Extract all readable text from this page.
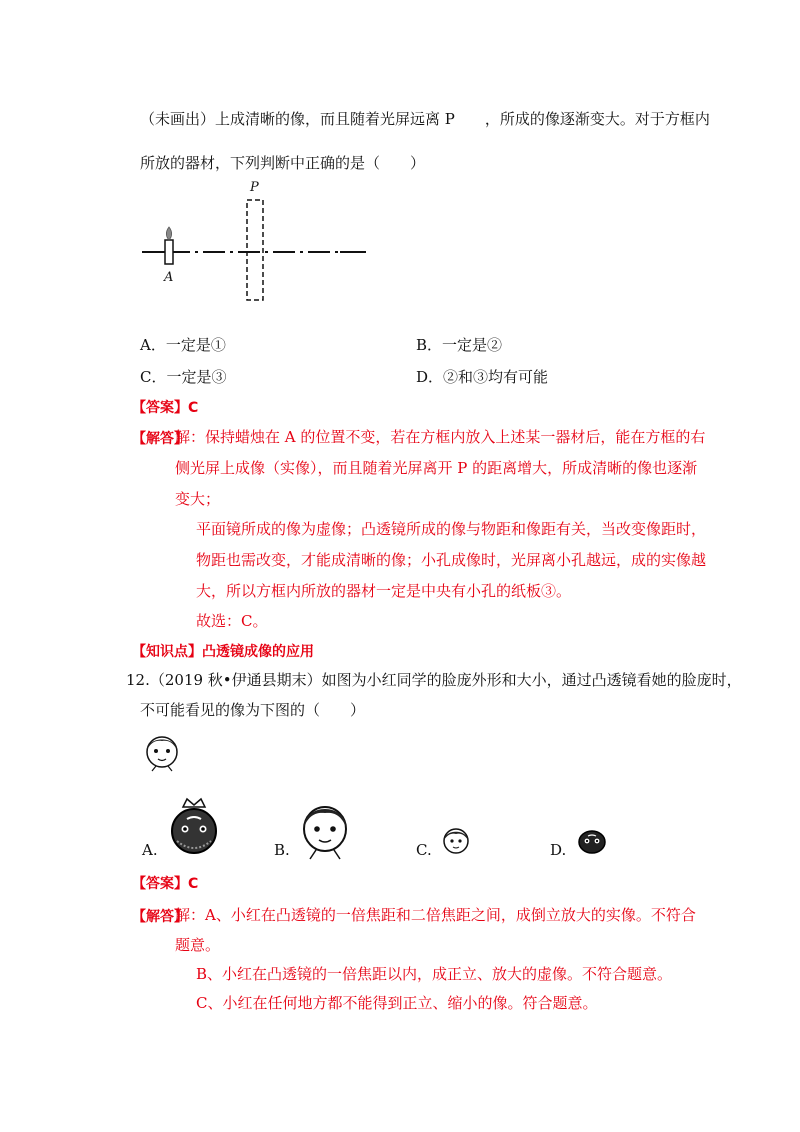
（未画出）上成清晰的像，而且随着光屏远离 P　　，所成的像逐渐变大。对于方框内
所放的器材，下列判断中正确的是（　　）
P
A
A．一定是①	B．一定是②
C．一定是③	D．②和③均有可能
【答案】C
【解答】
解：保持蜡烛在 A 的位置不变，若在方框内放入上述某一器材后，能在方框的右
侧光屏上成像（实像），而且随着光屏离开 P 的距离增大，所成清晰的像也逐渐
变大；
平面镜所成的像为虚像；凸透镜所成的像与物距和像距有关，当改变像距时，
物距也需改变，才能成清晰的像；小孔成像时，光屏离小孔越远，成的实像越
大，所以方框内所放的器材一定是中央有小孔的纸板③。
故选：C。
【知识点】凸透镜成像的应用
12.（2019 秋•伊通县期末）如图为小红同学的脸庞外形和大小，通过凸透镜看她的脸庞时，
不可能看见的像为下图的（　　）
A.	B.	C.	D.
【答案】C
【解答】
解：A、小红在凸透镜的一倍焦距和二倍焦距之间，成倒立放大的实像。不符合
题意。
B、小红在凸透镜的一倍焦距以内，成正立、放大的虚像。不符合题意。
C、小红在任何地方都不能得到正立、缩小的像。符合题意。
